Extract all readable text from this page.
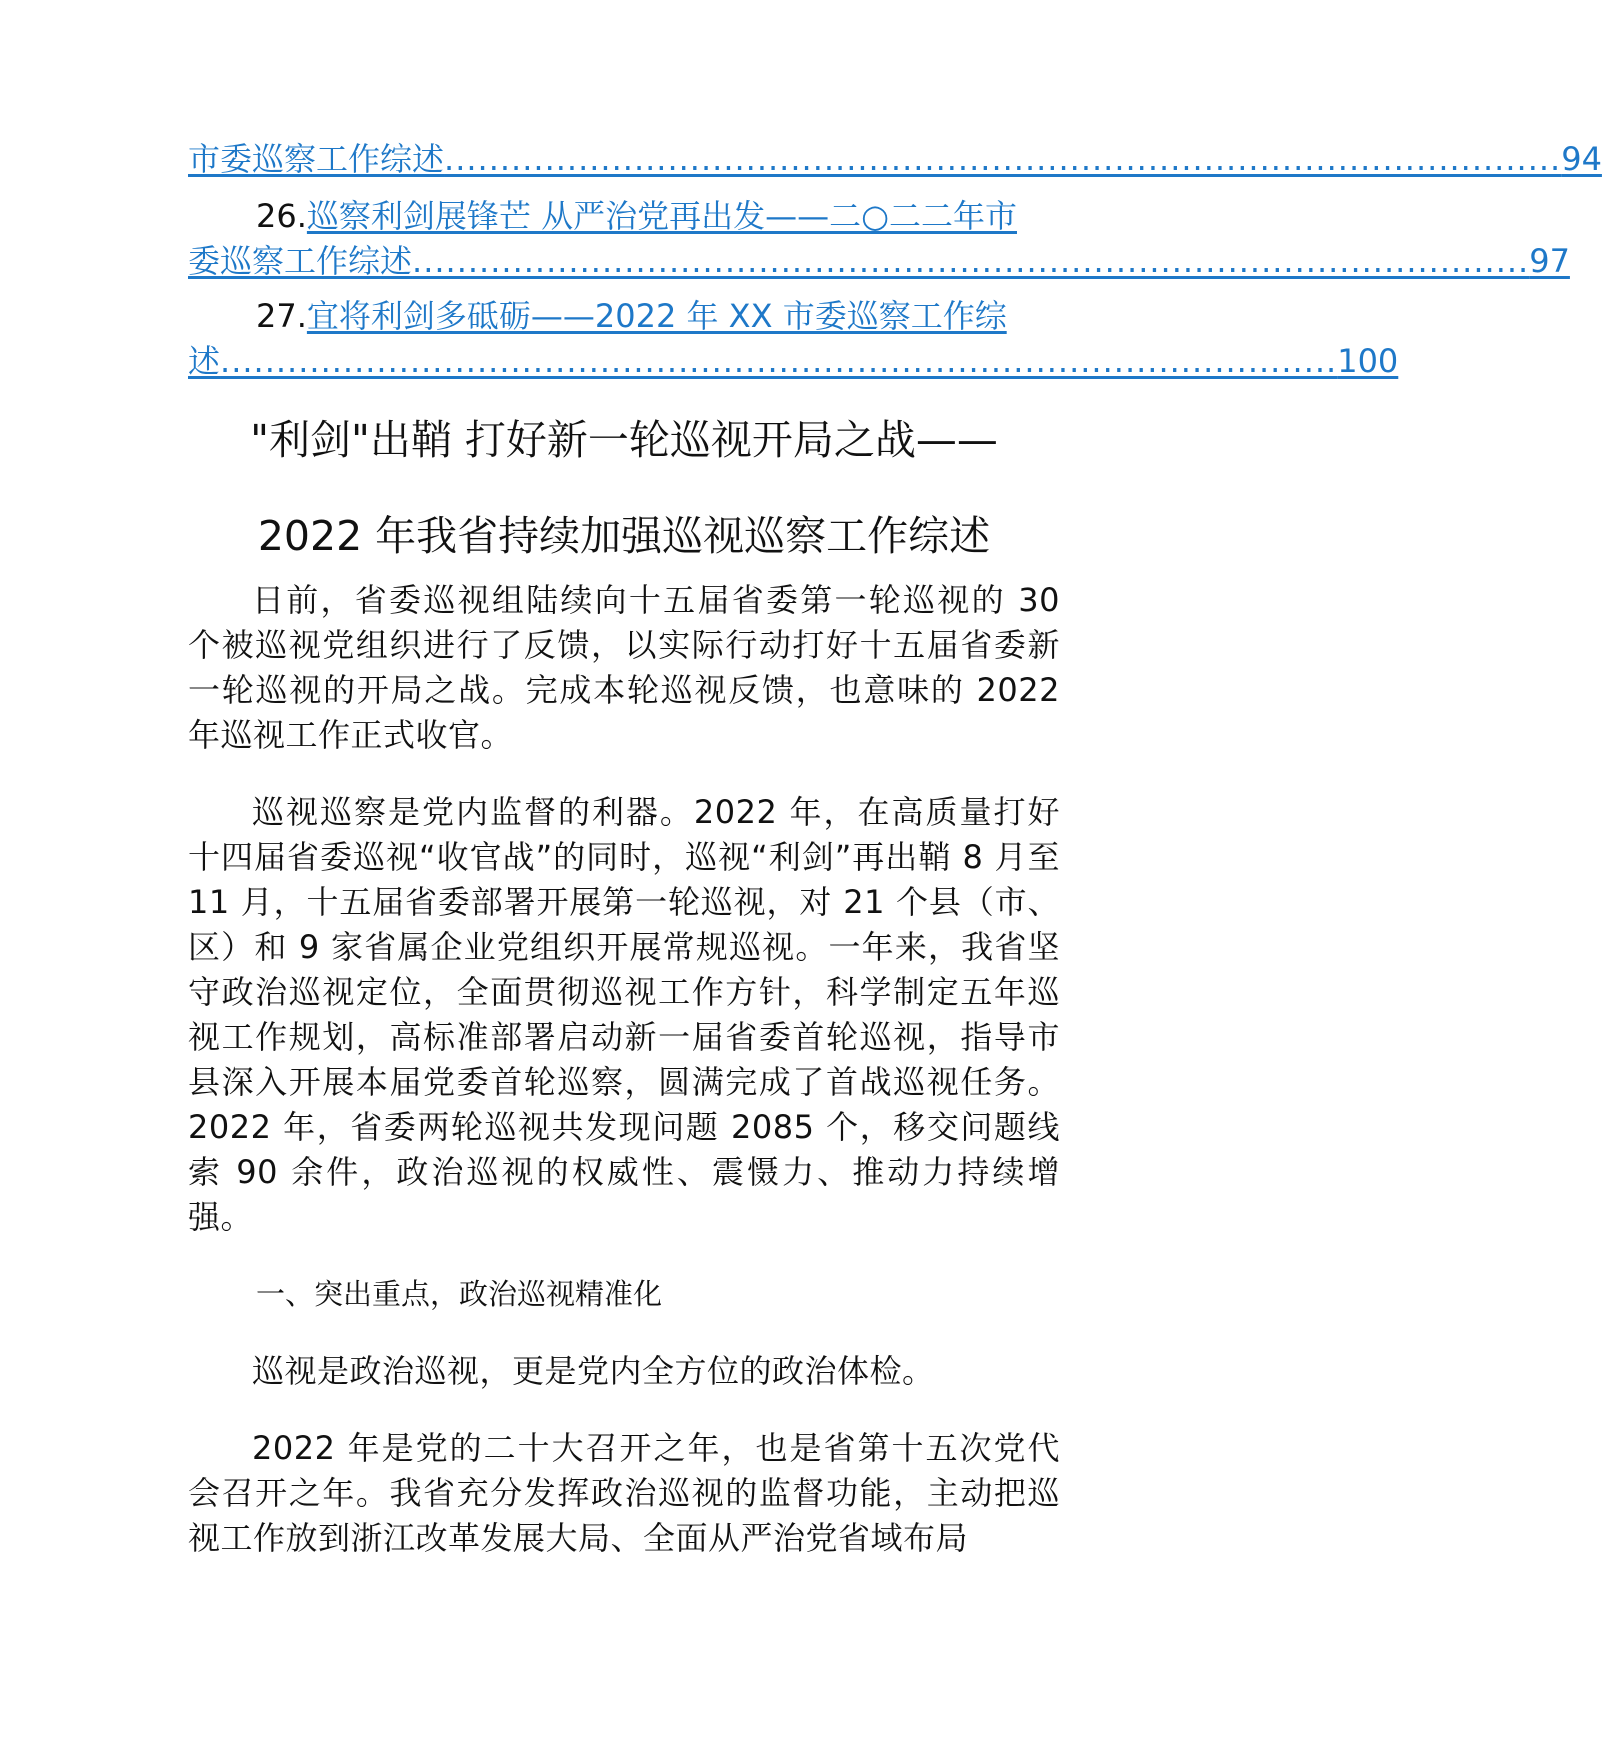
市委巡察工作综述 .................................................................................................... 94
26. 巡察利剑展锋芒 从严治党再出发——二○二二年市
委巡察工作综述 .................................................................................................... 97
27. 宜将利剑多砥砺——2022 年 XX 市委巡察工作综
述 .................................................................................................... 100

"利剑"出鞘 打好新一轮巡视开局之战——

2022 年我省持续加强巡视巡察工作综述

日前，省委巡视组陆续向十五届省委第一轮巡视的 30 个被巡视党组织进行了反馈，以实际行动打好十五届省委新一轮巡视的开局之战。完成本轮巡视反馈，也意味的 2022 年巡视工作正式收官。

巡视巡察是党内监督的利器。2022 年，在高质量打好十四届省委巡视“收官战”的同时，巡视“利剑”再出鞘 8 月至 11 月，十五届省委部署开展第一轮巡视，对 21 个县（市、区）和 9 家省属企业党组织开展常规巡视。一年来，我省坚守政治巡视定位，全面贯彻巡视工作方针，科学制定五年巡视工作规划，高标准部署启动新一届省委首轮巡视，指导市县深入开展本届党委首轮巡察，圆满完成了首战巡视任务。2022 年，省委两轮巡视共发现问题 2085 个，移交问题线索 90 余件，政治巡视的权威性、震慑力、推动力持续增强。

一、突出重点，政治巡视精准化

巡视是政治巡视，更是党内全方位的政治体检。

2022 年是党的二十大召开之年，也是省第十五次党代会召开之年。我省充分发挥政治巡视的监督功能，主动把巡视工作放到浙江改革发展大局、全面从严治党省域布局
